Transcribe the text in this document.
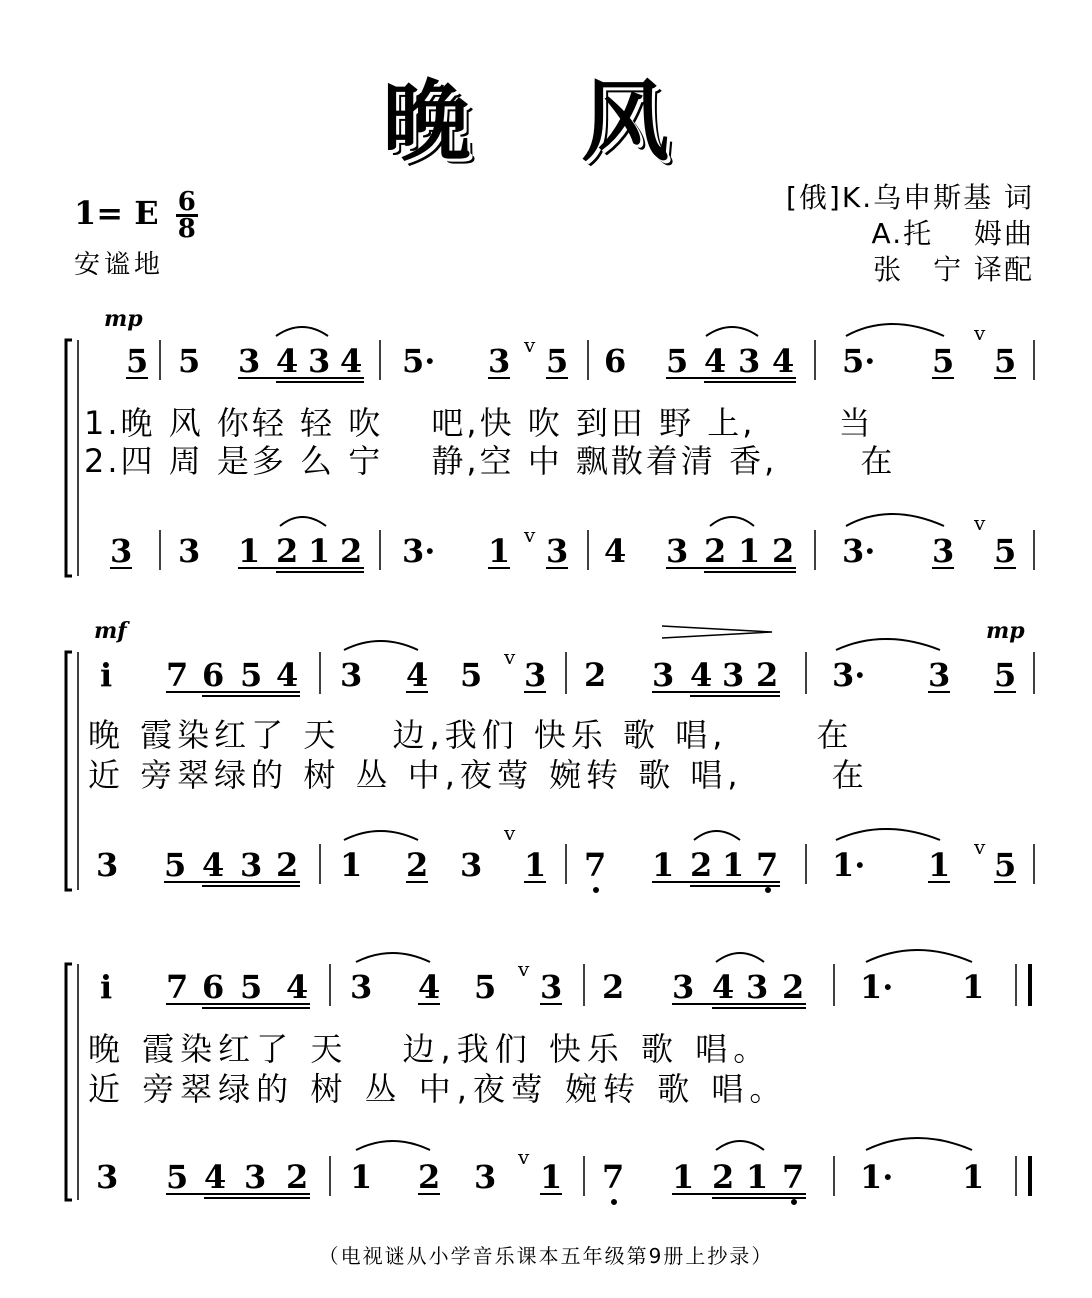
晚 风
1= E $\frac{6}{8}$
安谧地
[俄]K.乌申斯基 词
A.托　 姆曲
张　宁 译配
mp
mf	mp
5 5 3 4 3 4 5· 3 5 6 5 4 3 4 5· 5 5
v	v
3 3 1 2 1 2 3· 1 3 4 3 2 1 2 3· 3 5
v	v
i 7 6 5 4 3 4 5 3 2 3 4 3 2 3· 3 5
v
3 5 4 3 2 1 2 3 1 7 1 2 1 7 1· 1 5
v
v
i 7 6 5 4 3 4 5 3 2 3 4 3 2 1· 1
v
3 5 4 3 2 1 2 3 1 7 1 2 1 7 1· 1
v
1.晚 风 你轻 轻 吹　 吧,快 吹 到田 野 上,　　 当
2.四 周 是多 么 宁　 静,空 中 飘散着清 香,　　 在
晚 霞染红了 天　 边,我们 快乐 歌 唱,　　 在
近 旁翠绿的 树 丛 中,夜莺 婉转 歌 唱,　　 在
晚 霞染红了 天　 边,我们 快乐 歌 唱。
近 旁翠绿的 树 丛 中,夜莺 婉转 歌 唱。
（电视谜从小学音乐课本五年级第9册上抄录）
